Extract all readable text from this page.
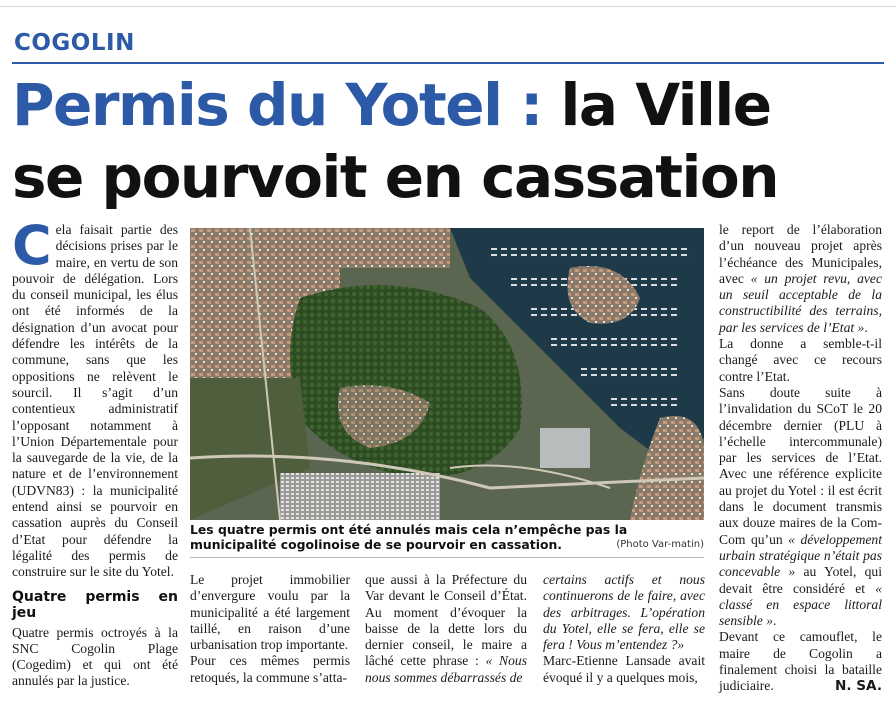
COGOLIN
Permis du Yotel : la Ville
se pourvoit en cassation

Cela faisait partie des décisions prises par le maire, en vertu de son pouvoir de délégation. Lors du conseil municipal, les élus ont été informés de la désignation d’un avocat pour défendre les intérêts de la commune, sans que les oppositions ne relèvent le sourcil. Il s’agit d’un contentieux administratif l’opposant notamment à l’Union Départementale pour la sauvegarde de la vie, de la nature et de l’environnement (UDVN83) : la municipalité entend ainsi se pourvoir en cassation auprès du Conseil d’Etat pour défendre la légalité des permis de construire sur le site du Yotel.

Quatre permis en jeu

Quatre permis octroyés à la SNC Cogolin Plage (Cogedim) et qui ont été annulés par la justice.

Les quatre permis ont été annulés mais cela n’empêche pas la municipalité cogolinoise de se pourvoir en cassation.	(Photo Var-matin)

Le projet immobilier d’envergure voulu par la municipalité a été largement taillé, en raison d’une urbanisation trop importante.

Pour ces mêmes permis retoqués, la commune s’atta-

que aussi à la Préfecture du Var devant le Conseil d’État. Au moment d’évoquer la baisse de la dette lors du dernier conseil, le maire a lâché cette phrase : « Nous nous sommes débarrassés de

certains actifs et nous continuerons de le faire, avec des arbitrages. L’opération du Yotel, elle se fera, elle se fera ! Vous m’entendez ?»

Marc-Etienne Lansade avait évoqué il y a quelques mois,

le report de l’élaboration d’un nouveau projet après l’échéance des Municipales, avec « un projet revu, avec un seuil acceptable de la constructibilité des terrains, par les services de l’Etat ».

La donne a semble-t-il changé avec ce recours contre l’Etat.

Sans doute suite à l’invalidation du SCoT le 20 décembre dernier (PLU à l’échelle intercommunale) par les services de l’Etat. Avec une référence explicite au projet du Yotel : il est écrit dans le document transmis aux douze maires de la Com-Com qu’un « développement urbain stratégique n’était pas concevable » au Yotel, qui devait être considéré et « classé en espace littoral sensible ».

Devant ce camouflet, le maire de Cogolin a finalement choisi la bataille judiciaire.	N. SA.
